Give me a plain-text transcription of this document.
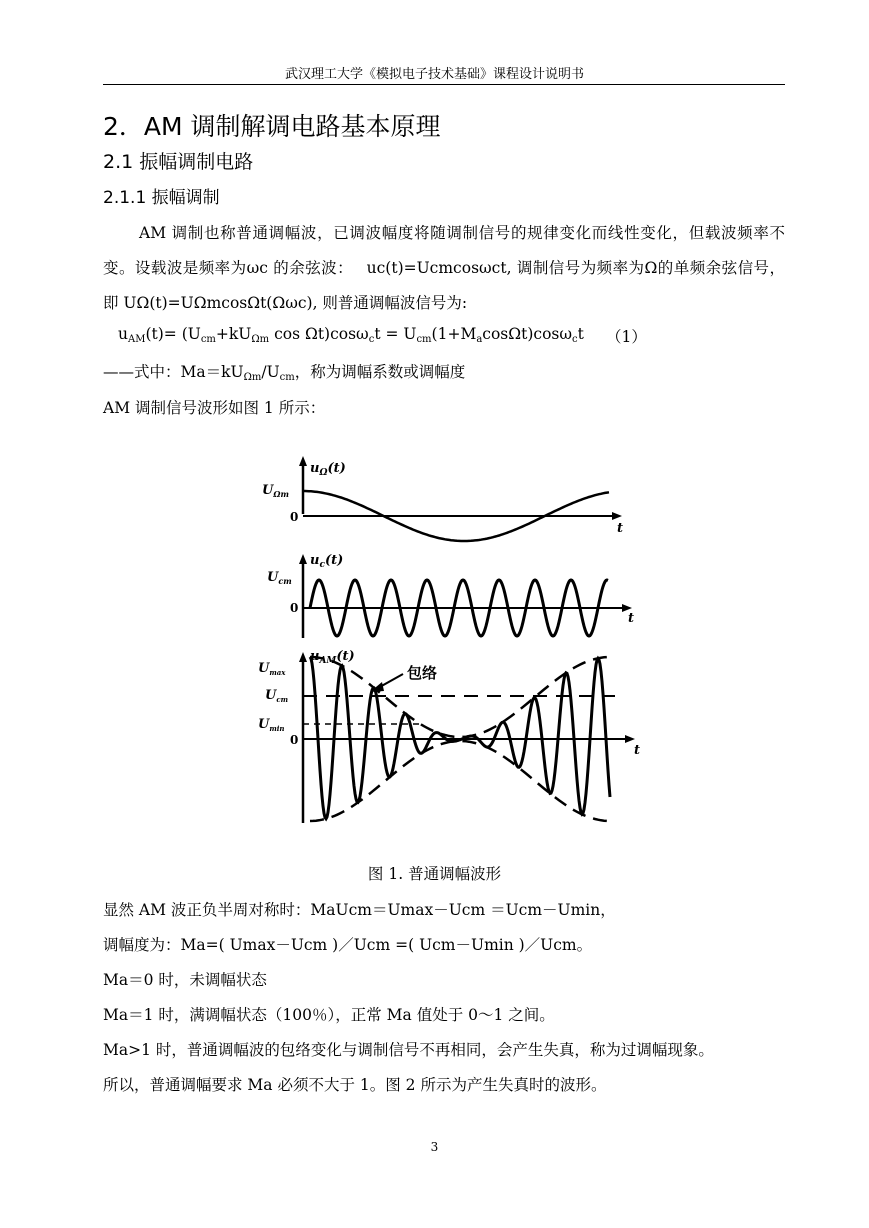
武汉理工大学《模拟电子技术基础》课程设计说明书
2．AM 调制解调电路基本原理
2.1 振幅调制电路
2.1.1 振幅调制
AM 调制也称普通调幅波，已调波幅度将随调制信号的规律变化而线性变化，但载波频率不变。设载波是频率为ωc 的余弦波：　 uc(t)=Ucmcosωct, 调制信号为频率为Ω的单频余弦信号，即 UΩ(t)=UΩmcosΩt(Ωωc), 则普通调幅波信号为:
$u_{AM}(t)= (U_{cm}+kU_{\Omega m}$ $\cos \Omega t)\cos\omega_ct = U_{cm}(1+M_a\cos\Omega t)\cos\omega_ct$ （1）
——式中：$Ma=kU_{\Omega m}/U_{cm}$，称为调幅系数或调幅度
AM 调制信号波形如图 1 所示：
$u_\Omega(t)$
$U_{\Omega m}$
0
t
$u_c(t)$
$U_{cm}$
0
t
$u_{AM}(t)$
$U_{max}$
$U_{cm}$
$U_{min}$
0
t
包络
图 1. 普通调幅波形
显然 AM 波正负半周对称时：MaUcm＝Umax－Ucm ＝Ucm－Umin，
调幅度为：Ma=( Umax－Ucm )／Ucm =( Ucm－Umin )／Ucm。
Ma＝0 时，未调幅状态
Ma＝1 时，满调幅状态（100％），正常 Ma 值处于 0～1 之间。
Ma>1 时，普通调幅波的包络变化与调制信号不再相同，会产生失真，称为过调幅现象。
所以，普通调幅要求 Ma 必须不大于 1。图 2 所示为产生失真时的波形。
3
